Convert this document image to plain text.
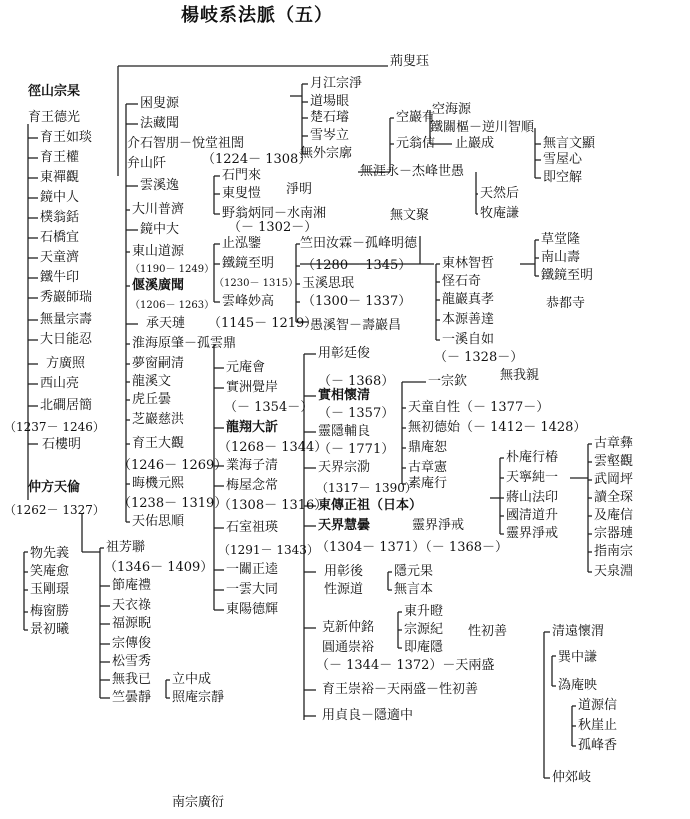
楊岐系法脈（五）
南宗廣衍
荊叟珏
徑山宗杲
育王德光
育王如琰
育王權
東禪觀
鏡中人
樸翁銛
石橋宜
天童濟
鐵牛印
秀巖師瑞
無量宗壽
大日能忍
方廣照
西山亮
北磵居簡
（1237－ 1246）
石樓明
仲方天倫
（1262－ 1327）
困叟源
法藏聞
介石智朋－悅堂祖誾
弁山阡	（1224－ 1308）
雲溪逸
大川普濟
鏡中大	（－ 1302－）
東山道源
（1190－ 1249）
偃溪廣聞
（1206－ 1263）
承天璉
淮海原肇－孤雲鼎
夢窗嗣清
龍溪文
虎丘曇
芝巖慈洪
育王大觀
（1246－ 1269）
晦機元熙
（1238－ 1319）
天佑思順
石門來
東叟愷 淨明
野翁炳同－水南湘
止泓鑒
鐵鏡至明
（1230－ 1315）
竺田汝霖－孤峰明德
（1280－ 1345）
玉溪思珉
雲峰妙高
（1145－ 1219）
（1300－ 1337）
愚溪智－壽巖昌
月江宗淨
道場眼
楚石璿
雪岑立
無外宗廓
空巖有
元翁信
空海源
鐵關樞－逆川智順
止巖成	無言文顯
雪屋心
即空解
無涯永－杰峰世愚
天然后
牧庵謙
無文聚
草堂隆
南山壽
鐵鏡至明
恭都寺
東林智哲
怪石奇
龍巖真孝
本源善達
一溪自如
（－ 1328－）
無我親
元庵會
實洲覺岸
（－ 1354－）
龍翔大訢
（1268－ 1344）
業海子清
梅屋念常
（1308－ 1316）
石室祖瑛
（1291－ 1343）
一關正逵
一雲大同
東陽德輝
用彰廷俊
（－ 1368）
實相懷清
（－ 1357）
靈隱輔良
（－ 1771）
天界宗泐
（1317－ 1390）
一宗欽
天童自性（－ 1377－）
無初德始（－ 1412－ 1428）
鼎庵恕
古章憲
素庵行
東傳正祖（日本）
天界慧曇
（1304－ 1371）（－ 1368－）
靈界淨戒
朴庵行椿
天寧純一
蔣山法印
國清道升
靈界淨戒
古章彝
雲壑觀
武岡坪
讀全琛
及庵信
宗器璉
指南宗
天泉淵
用彰後
性源道
隱元果
無言本
克新仲銘
圓通崇裕
東升瞪
宗源紀
即庵隱
性初善
（－ 1344－ 1372）－天兩盛
育王崇裕－天兩盛－性初善
用貞良－隱適中
清遠懷渭
巽中謙
溈庵映
道源信
秋崖止
孤峰香
仲郊岐
物先義
笑庵愈
玉剛璟
梅窗勝
景初曦
祖芳聯
（1346－ 1409）
節庵禮
天衣祿
福源睨
宗傳俊
松雪秀
無我已
竺曇靜
立中成
照庵宗靜
